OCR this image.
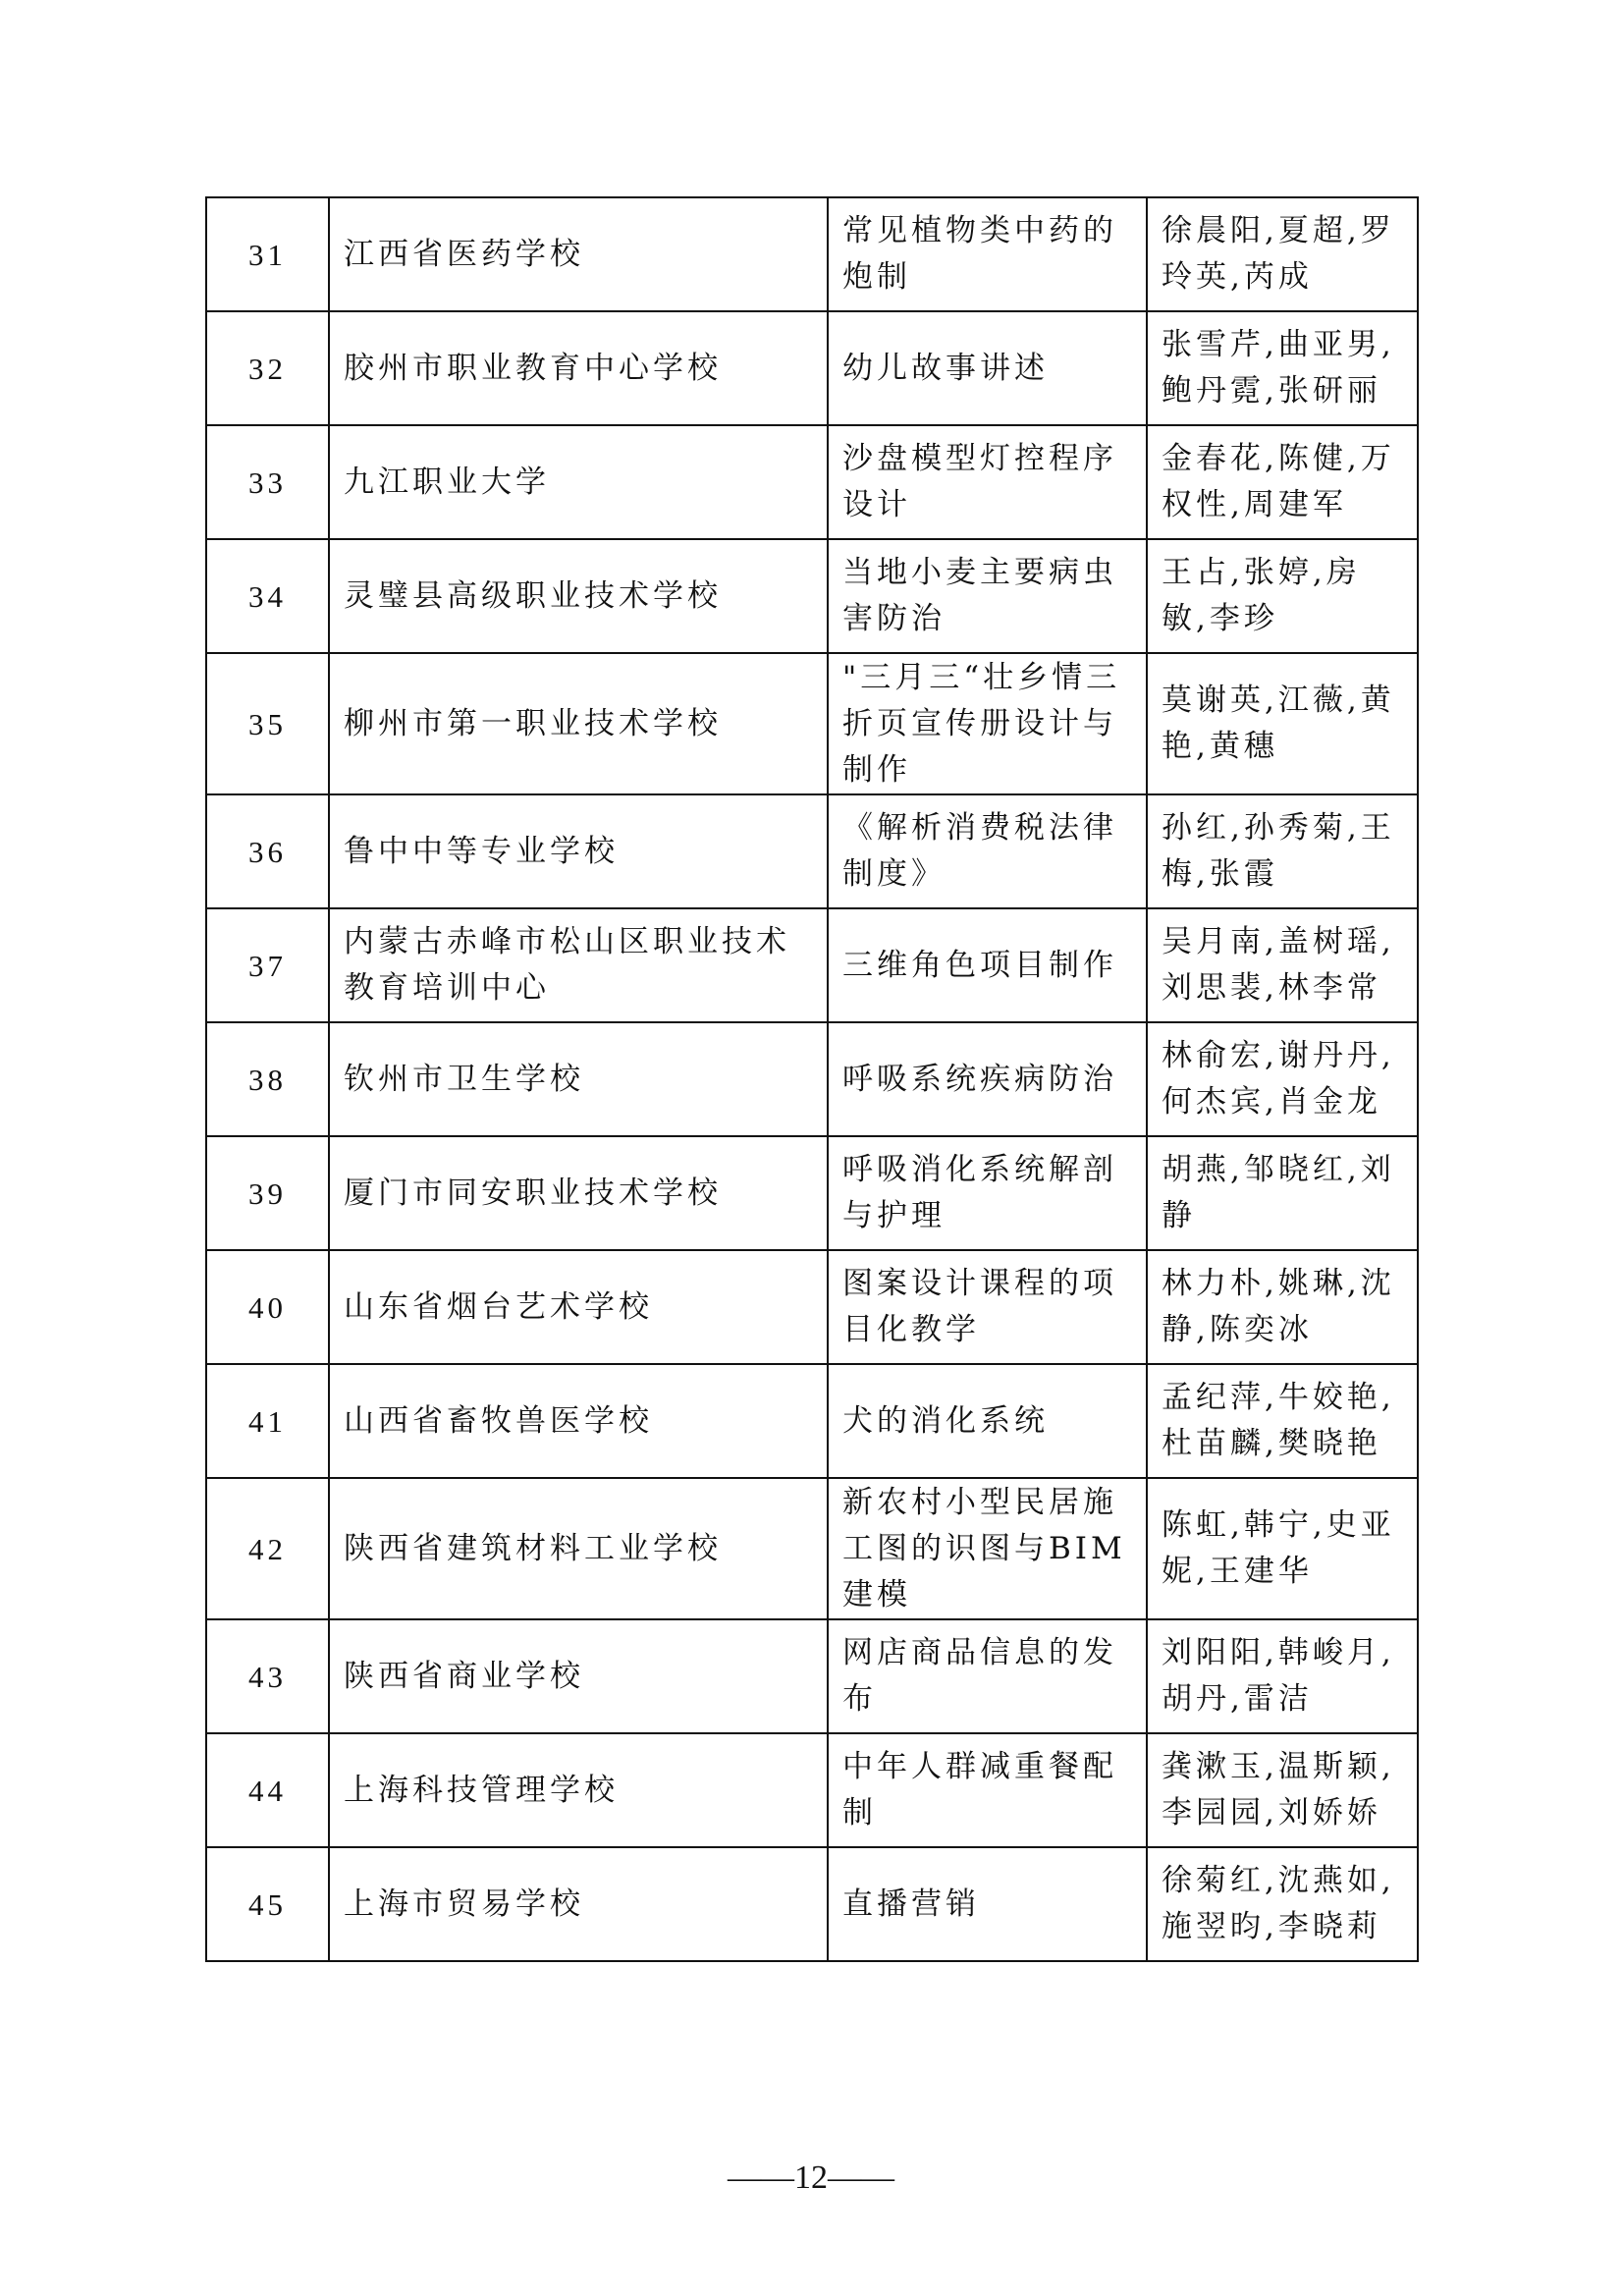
31	江西省医药学校	常见植物类中药的炮制	徐晨阳,夏超,罗玲英,芮成
32	胶州市职业教育中心学校	幼儿故事讲述	张雪芹,曲亚男,鲍丹霓,张研丽
33	九江职业大学	沙盘模型灯控程序设计	金春花,陈健,万权性,周建军
34	灵璧县高级职业技术学校	当地小麦主要病虫害防治	王占,张婷,房敏,李珍
35	柳州市第一职业技术学校	"三月三“壮乡情三折页宣传册设计与制作	莫谢英,江薇,黄艳,黄穗
36	鲁中中等专业学校	《解析消费税法律制度》	孙红,孙秀菊,王梅,张霞
37	内蒙古赤峰市松山区职业技术教育培训中心	三维角色项目制作	吴月南,盖树瑶,刘思裴,林李常
38	钦州市卫生学校	呼吸系统疾病防治	林俞宏,谢丹丹,何杰宾,肖金龙
39	厦门市同安职业技术学校	呼吸消化系统解剖与护理	胡燕,邹晓红,刘静
40	山东省烟台艺术学校	图案设计课程的项目化教学	林力朴,姚琳,沈静,陈奕冰
41	山西省畜牧兽医学校	犬的消化系统	孟纪萍,牛姣艳,杜苗麟,樊晓艳
42	陕西省建筑材料工业学校	新农村小型民居施工图的识图与BIM建模	陈虹,韩宁,史亚妮,王建华
43	陕西省商业学校	网店商品信息的发布	刘阳阳,韩峻月,胡丹,雷洁
44	上海科技管理学校	中年人群减重餐配制	龚漱玉,温斯颖,李园园,刘娇娇
45	上海市贸易学校	直播营销	徐菊红,沈燕如,施翌昀,李晓莉
——12——
